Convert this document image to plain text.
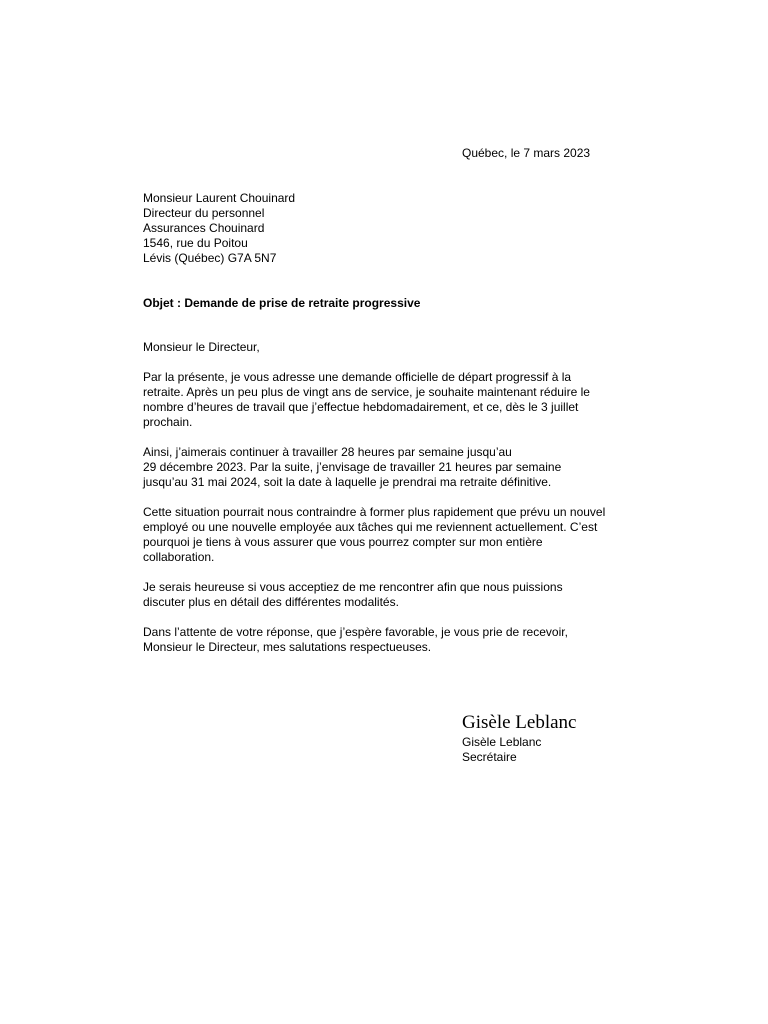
Québec, le 7 mars 2023
Monsieur Laurent Chouinard
Directeur du personnel
Assurances Chouinard
1546, rue du Poitou
Lévis (Québec) G7A 5N7
Objet : Demande de prise de retraite progressive

Monsieur le Directeur,

Par la présente, je vous adresse une demande officielle de départ progressif à la
retraite. Après un peu plus de vingt ans de service, je souhaite maintenant réduire le
nombre d’heures de travail que j’effectue hebdomadairement, et ce, dès le 3 juillet
prochain.

Ainsi, j’aimerais continuer à travailler 28 heures par semaine jusqu’au
29 décembre 2023. Par la suite, j’envisage de travailler 21 heures par semaine
jusqu’au 31 mai 2024, soit la date à laquelle je prendrai ma retraite définitive.

Cette situation pourrait nous contraindre à former plus rapidement que prévu un nouvel
employé ou une nouvelle employée aux tâches qui me reviennent actuellement. C’est
pourquoi je tiens à vous assurer que vous pourrez compter sur mon entière
collaboration.

Je serais heureuse si vous acceptiez de me rencontrer afin que nous puissions
discuter plus en détail des différentes modalités.

Dans l’attente de votre réponse, que j’espère favorable, je vous prie de recevoir,
Monsieur le Directeur, mes salutations respectueuses.

Gisèle Leblanc
Gisèle Leblanc
Secrétaire
